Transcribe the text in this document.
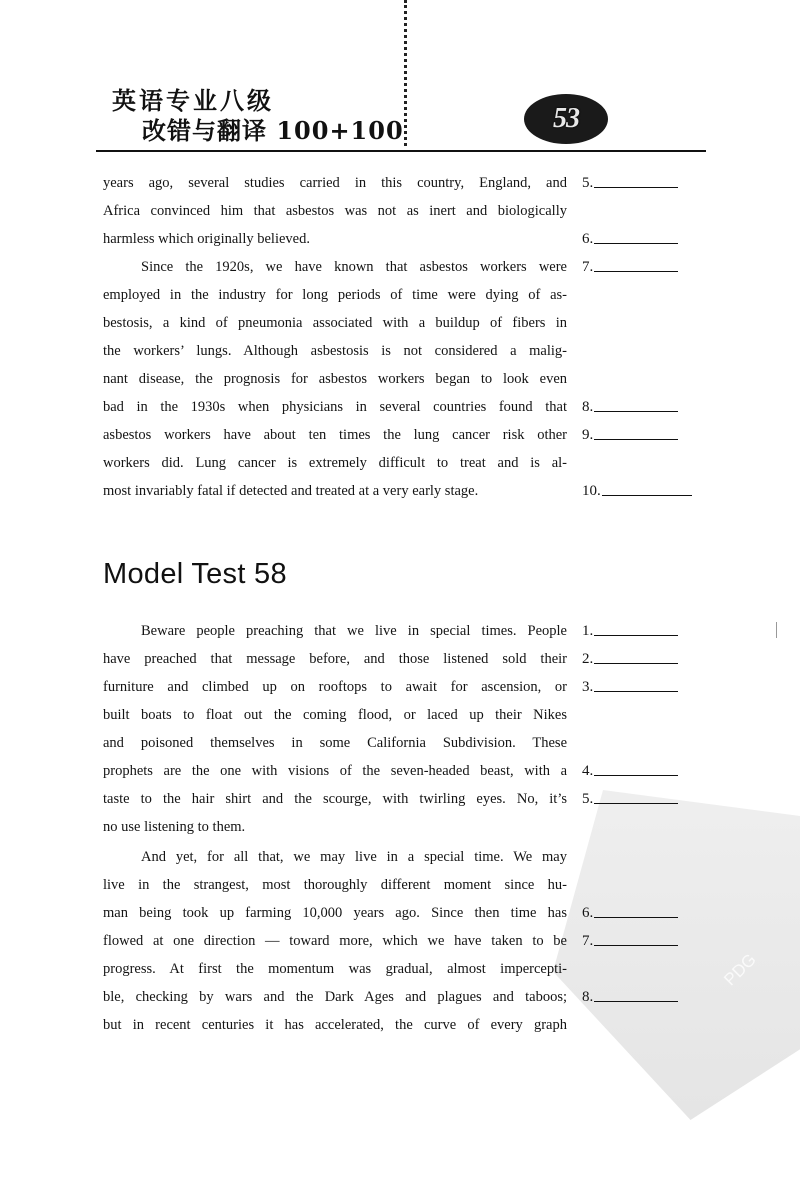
英语专业八级
改错与翻译 100+100	53
years ago, several studies carried in this country, England, and
Africa convinced him that asbestos was not as inert and biologically
harmless which originally believed.
Since the 1920s, we have known that asbestos workers were
employed in the industry for long periods of time were dying of as-
bestosis, a kind of pneumonia associated with a buildup of fibers in
the workers’ lungs. Although asbestosis is not considered a malig-
nant disease, the prognosis for asbestos workers began to look even
bad in the 1930s when physicians in several countries found that
asbestos workers have about ten times the lung cancer risk other
workers did. Lung cancer is extremely difficult to treat and is al-
most invariably fatal if detected and treated at a very early stage.
5.
6.
7.
8.
9.
10.
PDG
Model Test 58
Beware people preaching that we live in special times. People
have preached that message before, and those listened sold their
furniture and climbed up on rooftops to await for ascension, or
built boats to float out the coming flood, or laced up their Nikes
and poisoned themselves in some California Subdivision. These
prophets are the one with visions of the seven-headed beast, with a
taste to the hair shirt and the scourge, with twirling eyes. No, it’s
no use listening to them.
And yet, for all that, we may live in a special time. We may
live in the strangest, most thoroughly different moment since hu-
man being took up farming 10,000 years ago. Since then time has
flowed at one direction — toward more, which we have taken to be
progress. At first the momentum was gradual, almost impercepti-
ble, checking by wars and the Dark Ages and plagues and taboos;
but in recent centuries it has accelerated, the curve of every graph
1.
2.
3.
4.
5.
6.
7.
8.
